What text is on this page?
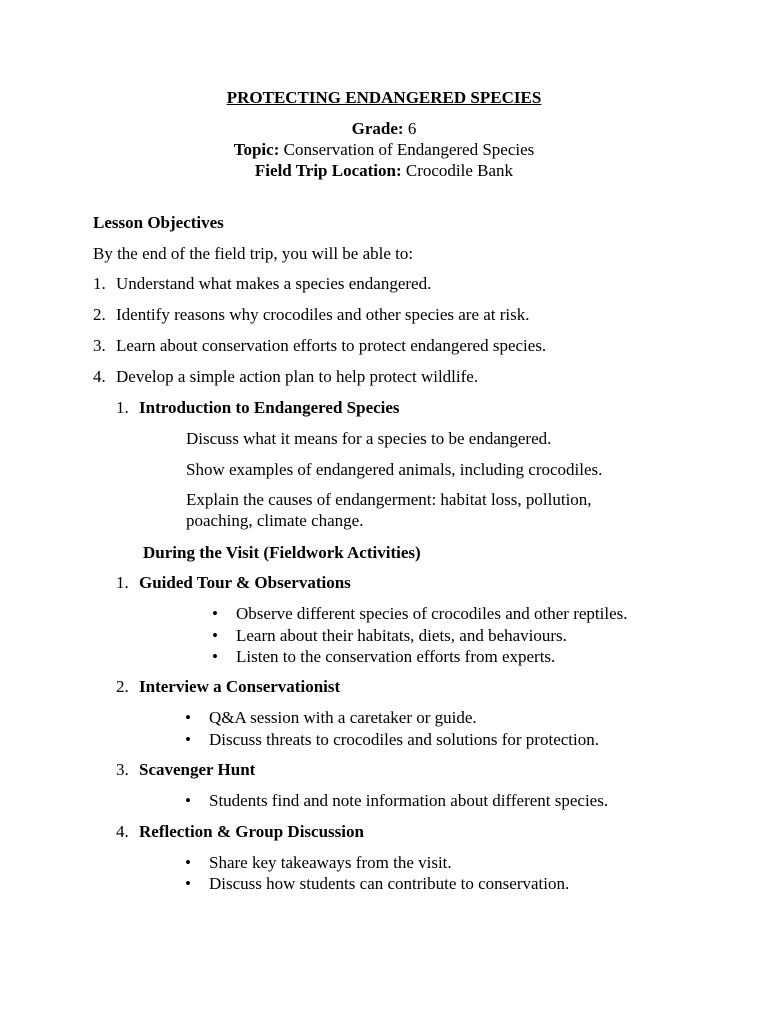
PROTECTING ENDANGERED SPECIES
Grade: 6
Topic: Conservation of Endangered Species
Field Trip Location: Crocodile Bank
Lesson Objectives
By the end of the field trip, you will be able to:
1. Understand what makes a species endangered.
2. Identify reasons why crocodiles and other species are at risk.
3. Learn about conservation efforts to protect endangered species.
4. Develop a simple action plan to help protect wildlife.
1. Introduction to Endangered Species
Discuss what it means for a species to be endangered.
Show examples of endangered animals, including crocodiles.
Explain the causes of endangerment: habitat loss, pollution,
poaching, climate change.
During the Visit (Fieldwork Activities)
1. Guided Tour & Observations
• Observe different species of crocodiles and other reptiles.
• Learn about their habitats, diets, and behaviours.
• Listen to the conservation efforts from experts.
2. Interview a Conservationist
• Q&A session with a caretaker or guide.
• Discuss threats to crocodiles and solutions for protection.
3. Scavenger Hunt
• Students find and note information about different species.
4. Reflection & Group Discussion
• Share key takeaways from the visit.
• Discuss how students can contribute to conservation.
